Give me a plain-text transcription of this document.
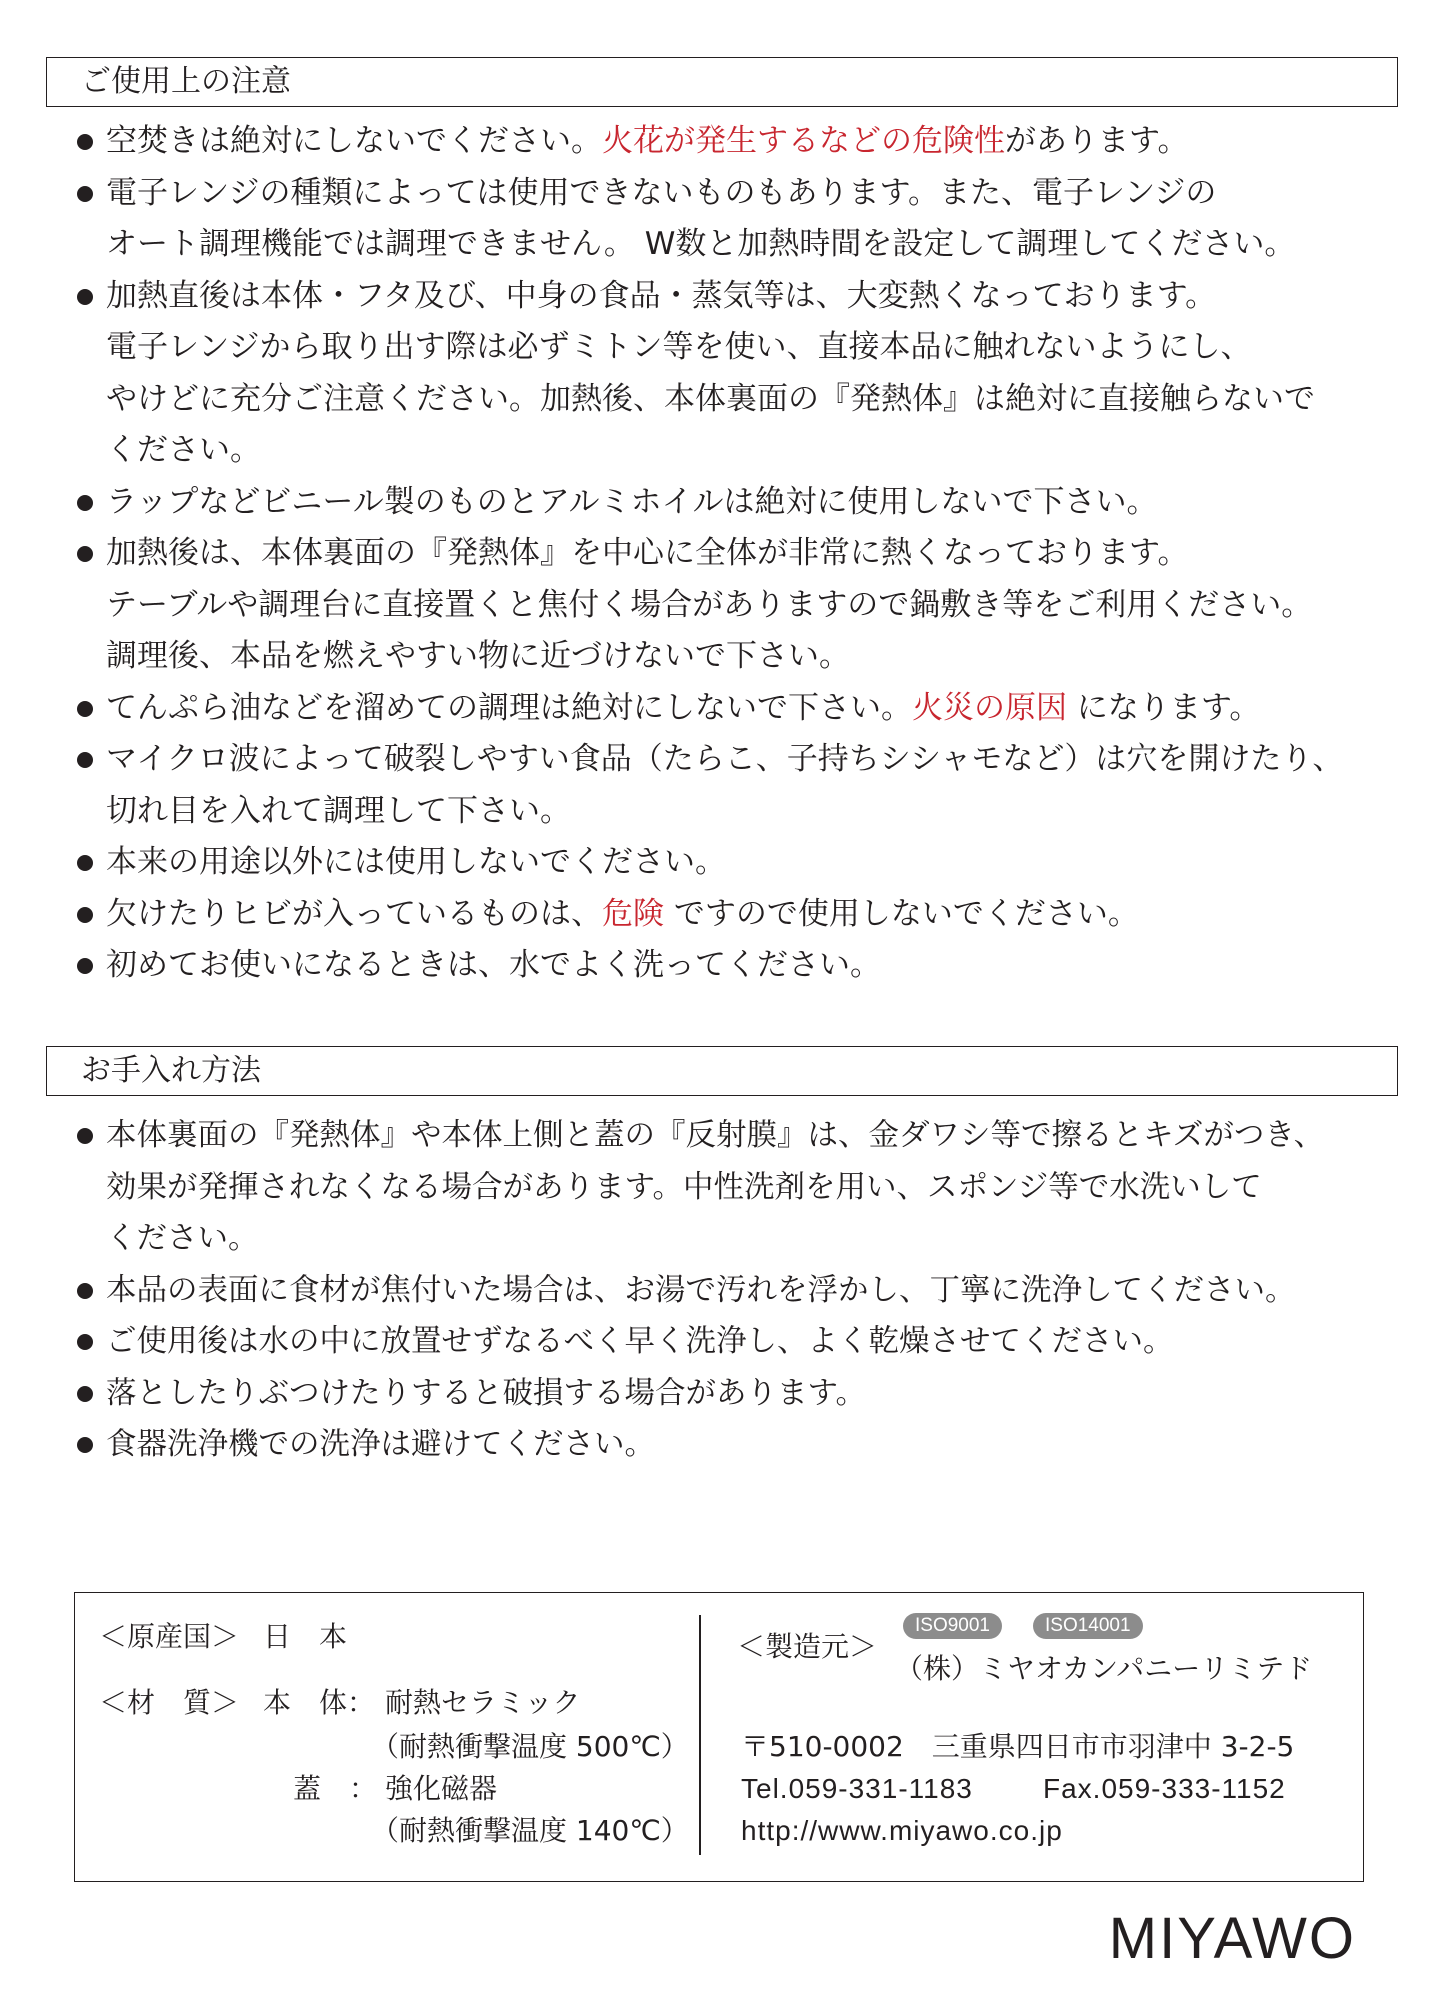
ご使用上の注意
空焚きは絶対にしないでください。火花が発生するなどの危険性があります。
電子レンジの種類によっては使用できないものもあります。また、電子レンジの
オート調理機能では調理できません。 W数と加熱時間を設定して調理してください。
加熱直後は本体・フタ及び、中身の食品・蒸気等は、大変熱くなっております。
電子レンジから取り出す際は必ずミトン等を使い、直接本品に触れないようにし、
やけどに充分ご注意ください。加熱後、本体裏面の『発熱体』は絶対に直接触らないで
ください。
ラップなどビニール製のものとアルミホイルは絶対に使用しないで下さい。
加熱後は、本体裏面の『発熱体』を中心に全体が非常に熱くなっております。
テーブルや調理台に直接置くと焦付く場合がありますので鍋敷き等をご利用ください。
調理後、本品を燃えやすい物に近づけないで下さい。
てんぷら油などを溜めての調理は絶対にしないで下さい。火災の原因 になります。
マイクロ波によって破裂しやすい食品（たらこ、子持ちシシャモなど）は穴を開けたり、
切れ目を入れて調理して下さい。
本来の用途以外には使用しないでください。
欠けたりヒビが入っているものは、危険 ですので使用しないでください。
初めてお使いになるときは、水でよく洗ってください。
お手入れ方法
本体裏面の『発熱体』や本体上側と蓋の『反射膜』は、金ダワシ等で擦るとキズがつき、
効果が発揮されなくなる場合があります。中性洗剤を用い、スポンジ等で水洗いして
ください。
本品の表面に食材が焦付いた場合は、お湯で汚れを浮かし、丁寧に洗浄してください。
ご使用後は水の中に放置せずなるべく早く洗浄し、よく乾燥させてください。
落としたりぶつけたりすると破損する場合があります。
食器洗浄機での洗浄は避けてください。
＜原産国＞ 日　本
＜材　質＞ 本　体： 耐熱セラミック
（耐熱衝撃温度 500℃）
蓋　： 強化磁器
（耐熱衝撃温度 140℃）
＜製造元＞
ISO9001	ISO14001
（株）ミヤオカンパニーリミテド
〒510-0002　三重県四日市市羽津中 3-2-5
Tel.059-331-1183	Fax.059-333-1152
http://www.miyawo.co.jp
MIYAWO
